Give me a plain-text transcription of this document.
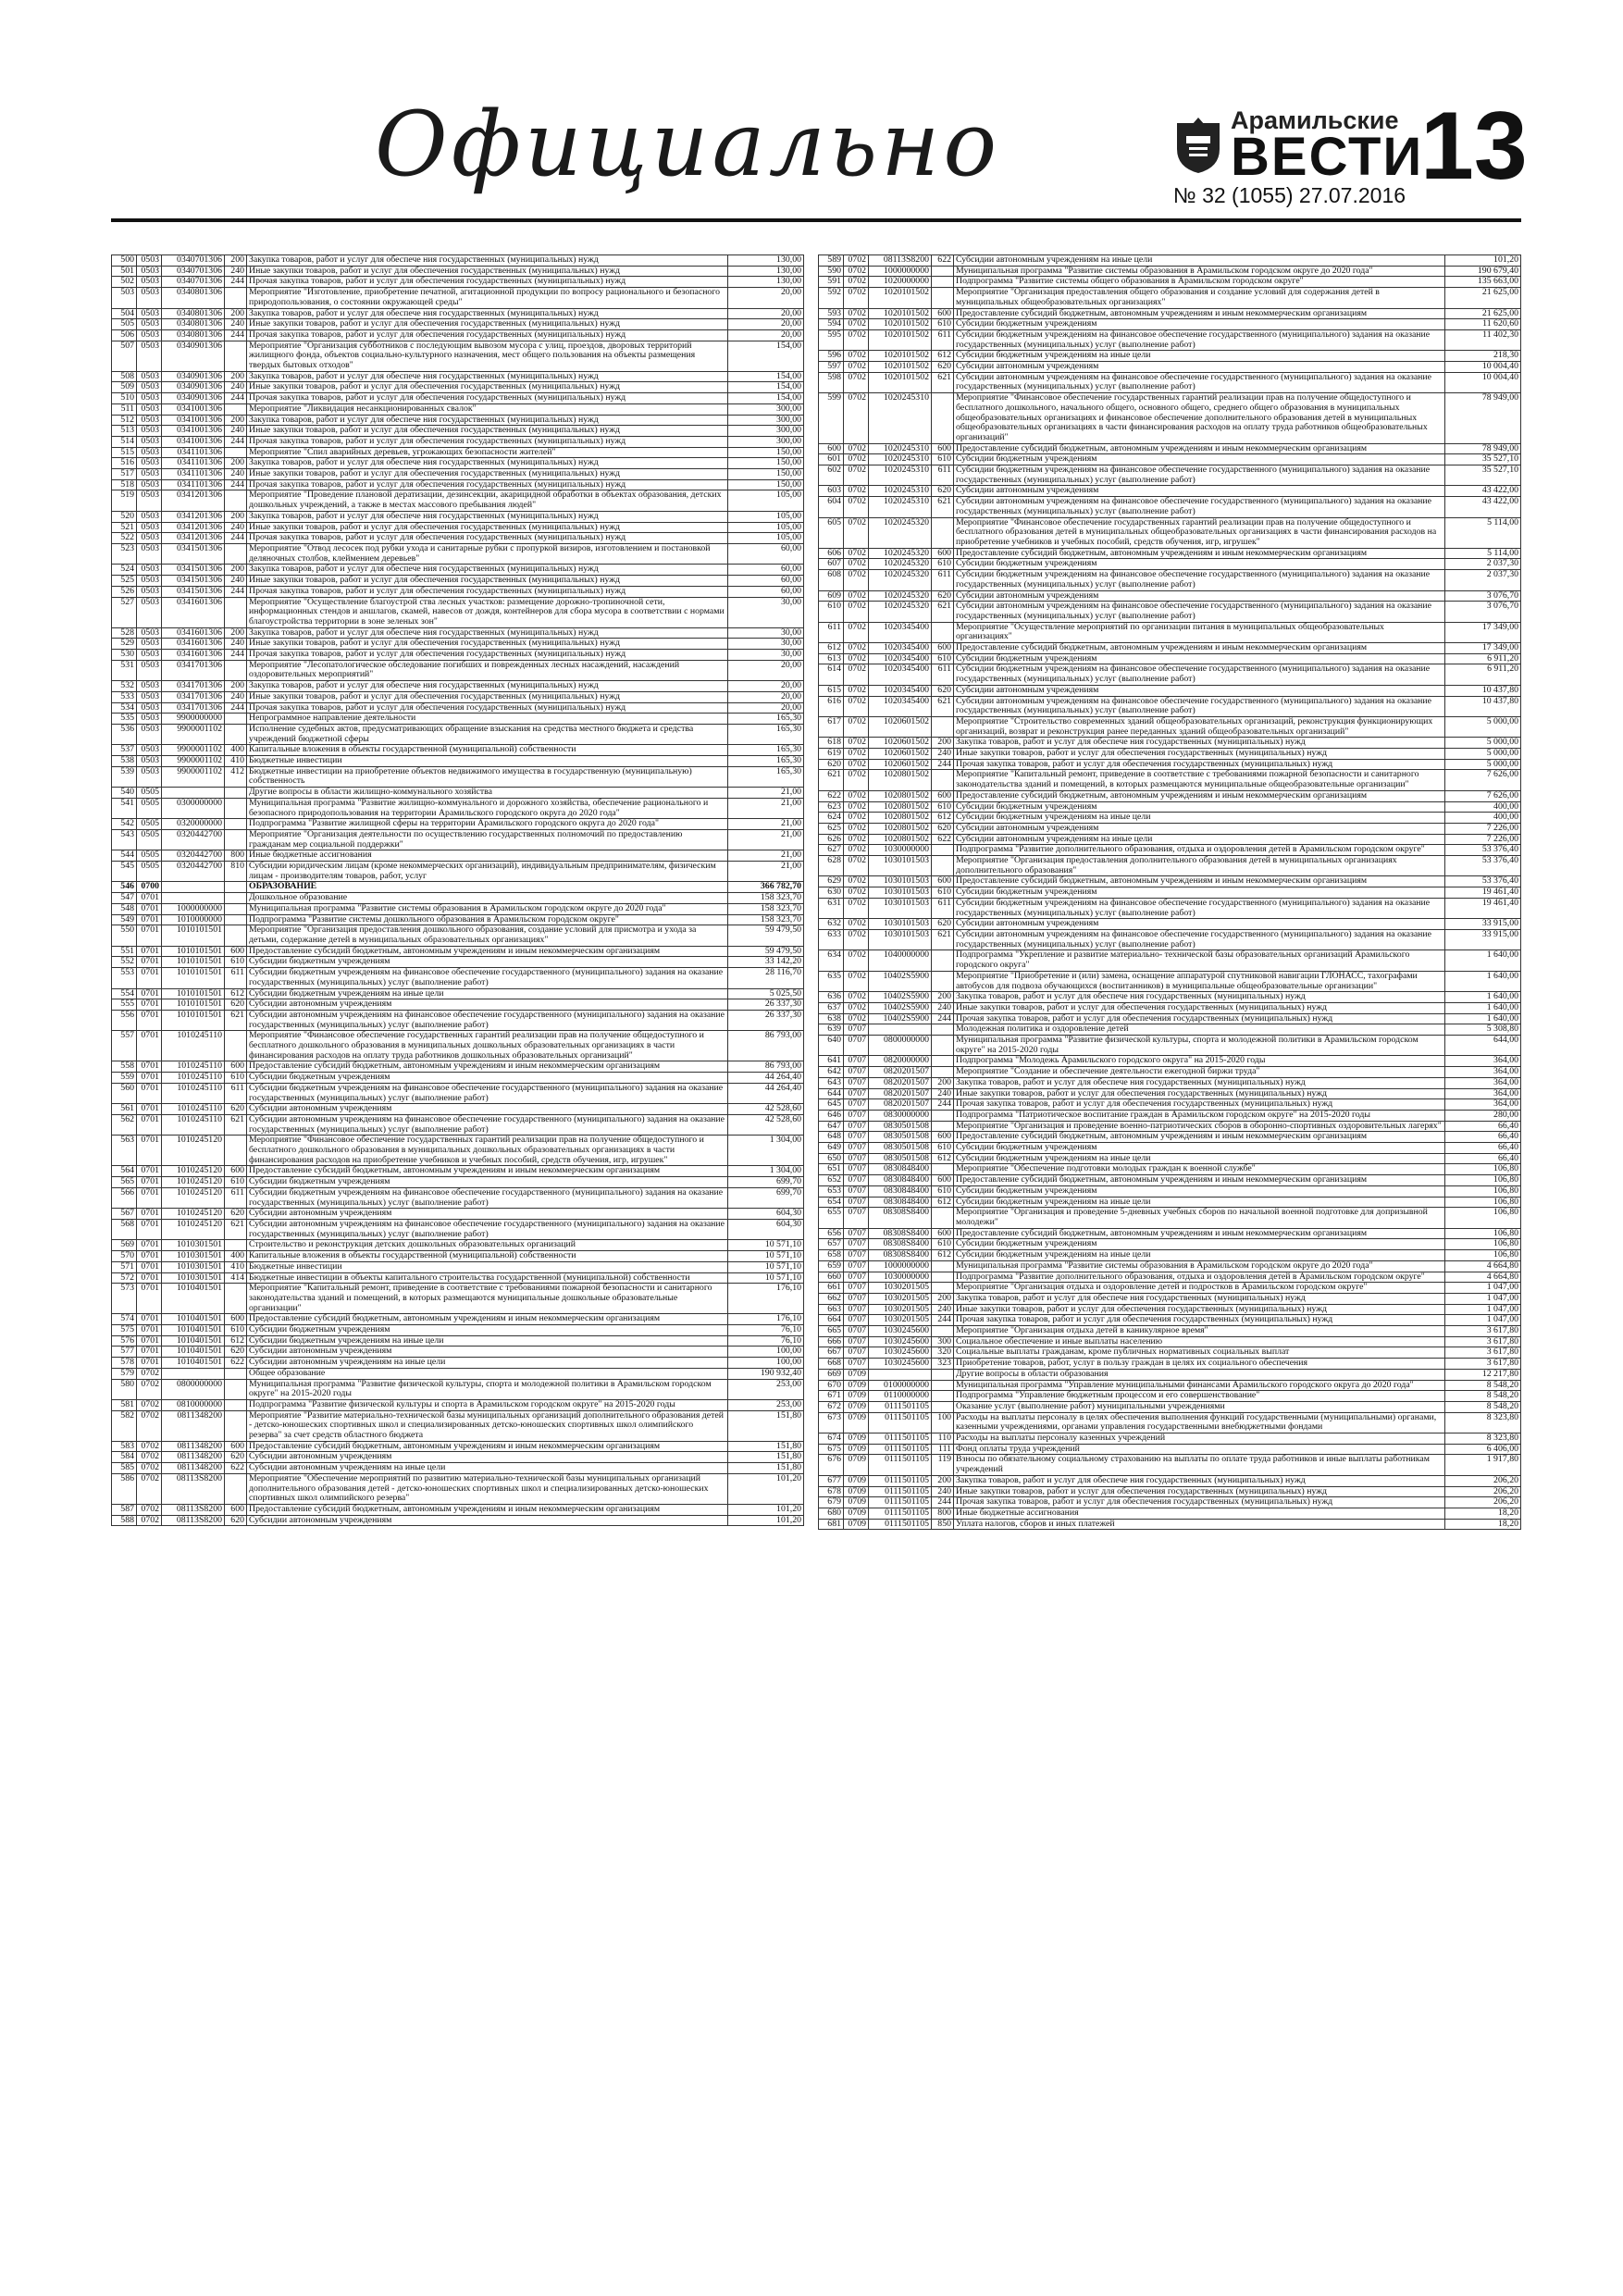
Официально	Арамильские
ВЕСТИ
№ 32 (1055) 27.07.2016 13
500	0503	0340701306	200	Закупка товаров, работ и услуг для обеспече ния государственных (муниципальных) нужд	130,00
501	0503	0340701306	240	Иные закупки товаров, работ и услуг для обеспечения государственных (муниципальных) нужд	130,00
502	0503	0340701306	244	Прочая закупка товаров, работ и услуг для обеспечения государственных (муниципальных) нужд	130,00
503	0503	0340801306		Мероприятие "Изготовление, приобретение печатной, агитационной продукции по вопросу рационального и безопасного природопользования, о состоянии окружающей среды"	20,00
504	0503	0340801306	200	Закупка товаров, работ и услуг для обеспече ния государственных (муниципальных) нужд	20,00
505	0503	0340801306	240	Иные закупки товаров, работ и услуг для обеспечения государственных (муниципальных) нужд	20,00
506	0503	0340801306	244	Прочая закупка товаров, работ и услуг для обеспечения государственных (муниципальных) нужд	20,00
507	0503	0340901306		Мероприятие "Организация субботников с последующим вывозом мусора с улиц, проездов, дворовых территорий жилищного фонда, объектов социально-культурного назначения, мест общего пользования на объекты размещения твердых бытовых отходов"	154,00
508	0503	0340901306	200	Закупка товаров, работ и услуг для обеспече ния государственных (муниципальных) нужд	154,00
509	0503	0340901306	240	Иные закупки товаров, работ и услуг для обеспечения государственных (муниципальных) нужд	154,00
510	0503	0340901306	244	Прочая закупка товаров, работ и услуг для обеспечения государственных (муниципальных) нужд	154,00
511	0503	0341001306		Мероприятие "Ликвидация несанкционированных свалок"	300,00
512	0503	0341001306	200	Закупка товаров, работ и услуг для обеспече ния государственных (муниципальных) нужд	300,00
513	0503	0341001306	240	Иные закупки товаров, работ и услуг для обеспечения государственных (муниципальных) нужд	300,00
514	0503	0341001306	244	Прочая закупка товаров, работ и услуг для обеспечения государственных (муниципальных) нужд	300,00
515	0503	0341101306		Мероприятие "Спил аварийных деревьев, угрожающих безопасности жителей"	150,00
516	0503	0341101306	200	Закупка товаров, работ и услуг для обеспече ния государственных (муниципальных) нужд	150,00
517	0503	0341101306	240	Иные закупки товаров, работ и услуг для обеспечения государственных (муниципальных) нужд	150,00
518	0503	0341101306	244	Прочая закупка товаров, работ и услуг для обеспечения государственных (муниципальных) нужд	150,00
519	0503	0341201306		Мероприятие "Проведение плановой дератизации, дезинсекции, акарицидной обработки в объектах образования, детских дошкольных учреждений, а также в местах массового пребывания людей"	105,00
520	0503	0341201306	200	Закупка товаров, работ и услуг для обеспече ния государственных (муниципальных) нужд	105,00
521	0503	0341201306	240	Иные закупки товаров, работ и услуг для обеспечения государственных (муниципальных) нужд	105,00
522	0503	0341201306	244	Прочая закупка товаров, работ и услуг для обеспечения государственных (муниципальных) нужд	105,00
523	0503	0341501306		Мероприятие "Отвод лесосек под рубки ухода и санитарные рубки с пропуркой визиров, изготовлением и постановкой деляночных столбов, клеймением деревьев"	60,00
524	0503	0341501306	200	Закупка товаров, работ и услуг для обеспече ния государственных (муниципальных) нужд	60,00
525	0503	0341501306	240	Иные закупки товаров, работ и услуг для обеспечения государственных (муниципальных) нужд	60,00
526	0503	0341501306	244	Прочая закупка товаров, работ и услуг для обеспечения государственных (муниципальных) нужд	60,00
527	0503	0341601306		Мероприятие "Осуществление благоустрой ства лесных участков: размещение дорожно-тропиночной сети, информационных стендов и аншлагов, скамей, навесов от дождя, контейнеров для сбора мусора в соответствии с нормами благоустройства территории в зоне зеленых зон"	30,00
528	0503	0341601306	200	Закупка товаров, работ и услуг для обеспече ния государственных (муниципальных) нужд	30,00
529	0503	0341601306	240	Иные закупки товаров, работ и услуг для обеспечения государственных (муниципальных) нужд	30,00
530	0503	0341601306	244	Прочая закупка товаров, работ и услуг для обеспечения государственных (муниципальных) нужд	30,00
531	0503	0341701306		Мероприятие "Лесопатологическое обследование погибших и поврежденных лесных насаждений, насаждений оздоровительных мероприятий"	20,00
532	0503	0341701306	200	Закупка товаров, работ и услуг для обеспече ния государственных (муниципальных) нужд	20,00
533	0503	0341701306	240	Иные закупки товаров, работ и услуг для обеспечения государственных (муниципальных) нужд	20,00
534	0503	0341701306	244	Прочая закупка товаров, работ и услуг для обеспечения государственных (муниципальных) нужд	20,00
535	0503	9900000000		Непрограммное направление деятельности	165,30
536	0503	9900001102		Исполнение судебных актов, предусматривающих обращение взыскания на средства местного бюджета и средства учреждений бюджетной сферы	165,30
537	0503	9900001102	400	Капитальные вложения в объекты государственной (муниципальной) собственности	165,30
538	0503	9900001102	410	Бюджетные инвестиции	165,30
539	0503	9900001102	412	Бюджетные инвестиции на приобретение объектов недвижимого имущества в государственную (муниципальную) собственность	165,30
540	0505			Другие вопросы в области жилищно-коммунального хозяйства	21,00
541	0505	0300000000		Муниципальная программа "Развитие жилищно-коммунального и дорожного хозяйства, обеспечение рационального и безопасного природопользования на территории Арамильского городского округа до 2020 года"	21,00
542	0505	0320000000		Подпрограмма "Развитие жилищной сферы на территории Арамильского городского округа до 2020 года"	21,00
543	0505	0320442700		Мероприятие "Организация деятельности по осуществлению государственных полномочий по предоставлению гражданам мер социальной поддержки"	21,00
544	0505	0320442700	800	Иные бюджетные ассигнования	21,00
545	0505	0320442700	810	Субсидии юридическим лицам (кроме некоммерческих организаций), индивидуальным предпринимателям, физическим лицам - производителям товаров, работ, услуг	21,00
546	0700			ОБРАЗОВАНИЕ	366 782,70
547	0701			Дошкольное образование	158 323,70
548	0701	1000000000		Муниципальная программа "Развитие системы образования в Арамильском городском округе до 2020 года"	158 323,70
549	0701	1010000000		Подпрограмма "Развитие системы дошкольного образования в Арамильском городском округе"	158 323,70
550	0701	1010101501		Мероприятие "Организация предоставления дошкольного образования, создание условий для присмотра и ухода за детьми, содержание детей в муниципальных образовательных организациях"	59 479,50
551	0701	1010101501	600	Предоставление субсидий бюджетным, автономным учреждениям и иным некоммерческим организациям	59 479,50
552	0701	1010101501	610	Субсидии бюджетным учреждениям	33 142,20
553	0701	1010101501	611	Субсидии бюджетным учреждениям на финансовое обеспечение государственного (муниципального) задания на оказание государственных (муниципальных) услуг (выполнение работ)	28 116,70
554	0701	1010101501	612	Субсидии бюджетным учреждениям на иные цели	5 025,50
555	0701	1010101501	620	Субсидии автономным учреждениям	26 337,30
556	0701	1010101501	621	Субсидии автономным учреждениям на финансовое обеспечение государственного (муниципального) задания на оказание государственных (муниципальных) услуг (выполнение работ)	26 337,30
557	0701	1010245110		Мероприятие "Финансовое обеспечение государственных гарантий реализации прав на получение общедоступного и бесплатного дошкольного образования в муниципальных дошкольных образовательных организациях в части финансирования расходов на оплату труда работников дошкольных образовательных организаций"	86 793,00
558	0701	1010245110	600	Предоставление субсидий бюджетным, автономным учреждениям и иным некоммерческим организациям	86 793,00
559	0701	1010245110	610	Субсидии бюджетным учреждениям	44 264,40
560	0701	1010245110	611	Субсидии бюджетным учреждениям на финансовое обеспечение государственного (муниципального) задания на оказание государственных (муниципальных) услуг (выполнение работ)	44 264,40
561	0701	1010245110	620	Субсидии автономным учреждениям	42 528,60
562	0701	1010245110	621	Субсидии автономным учреждениям на финансовое обеспечение государственного (муниципального) задания на оказание государственных (муниципальных) услуг (выполнение работ)	42 528,60
563	0701	1010245120		Мероприятие "Финансовое обеспечение государственных гарантий реализации прав на получение общедоступного и бесплатного дошкольного образования в муниципальных дошкольных образовательных организациях в части финансирования расходов на приобретение учебников и учебных пособий, средств обучения, игр, игрушек"	1 304,00
564	0701	1010245120	600	Предоставление субсидий бюджетным, автономным учреждениям и иным некоммерческим организациям	1 304,00
565	0701	1010245120	610	Субсидии бюджетным учреждениям	699,70
566	0701	1010245120	611	Субсидии бюджетным учреждениям на финансовое обеспечение государственного (муниципального) задания на оказание государственных (муниципальных) услуг (выполнение работ)	699,70
567	0701	1010245120	620	Субсидии автономным учреждениям	604,30
568	0701	1010245120	621	Субсидии автономным учреждениям на финансовое обеспечение государственного (муниципального) задания на оказание государственных (муниципальных) услуг (выполнение работ)	604,30
569	0701	1010301501		Строительство и реконструкция детских дошкольных образовательных организаций	10 571,10
570	0701	1010301501	400	Капитальные вложения в объекты государственной (муниципальной) собственности	10 571,10
571	0701	1010301501	410	Бюджетные инвестиции	10 571,10
572	0701	1010301501	414	Бюджетные инвестиции в объекты капитального строительства государственной (муниципальной) собственности	10 571,10
573	0701	1010401501		Мероприятие "Капитальный ремонт, приведение в соответствие с требованиями пожарной безопасности и санитарного законодательства зданий и помещений, в которых размещаются муниципальные дошкольные образовательные организации"	176,10
574	0701	1010401501	600	Предоставление субсидий бюджетным, автономным учреждениям и иным некоммерческим организациям	176,10
575	0701	1010401501	610	Субсидии бюджетным учреждениям	76,10
576	0701	1010401501	612	Субсидии бюджетным учреждениям на иные цели	76,10
577	0701	1010401501	620	Субсидии автономным учреждениям	100,00
578	0701	1010401501	622	Субсидии автономным учреждениям на иные цели	100,00
579	0702			Общее образование	190 932,40
580	0702	0800000000		Муниципальная программа "Развитие физической культуры, спорта и молодежной политики в Арамильском городском округе" на 2015-2020 годы	253,00
581	0702	0810000000		Подпрограмма "Развитие физической культуры и спорта в Арамильском городском округе" на 2015-2020 годы	253,00
582	0702	0811348200		Мероприятие "Развитие материально-технической базы муниципальных организаций дополнительного образования детей - детско-юношеских спортивных школ и специализированных детско-юношеских спортивных школ олимпийского резерва" за счет средств областного бюджета	151,80
583	0702	0811348200	600	Предоставление субсидий бюджетным, автономным учреждениям и иным некоммерческим организациям	151,80
584	0702	0811348200	620	Субсидии автономным учреждениям	151,80
585	0702	0811348200	622	Субсидии автономным учреждениям на иные цели	151,80
586	0702	08113S8200		Мероприятие "Обеспечение мероприятий по развитию материально-технической базы муниципальных организаций дополнительного образования детей - детско-юношеских спортивных школ и специализированных детско-юношеских спортивных школ олимпийского резерва"	101,20
587	0702	08113S8200	600	Предоставление субсидий бюджетным, автономным учреждениям и иным некоммерческим организациям	101,20
588	0702	08113S8200	620	Субсидии автономным учреждениям	101,20
589	0702	08113S8200	622	Субсидии автономным учреждениям на иные цели	101,20
590	0702	1000000000		Муниципальная программа "Развитие системы образования в Арамильском городском округе до 2020 года"	190 679,40
591	0702	1020000000		Подпрограмма "Развитие системы общего образования в Арамильском городском округе"	135 663,00
592	0702	1020101502		Мероприятие "Организация предоставления общего образования и создание условий для содержания детей в муниципальных общеобразовательных организациях"	21 625,00
593	0702	1020101502	600	Предоставление субсидий бюджетным, автономным учреждениям и иным некоммерческим организациям	21 625,00
594	0702	1020101502	610	Субсидии бюджетным учреждениям	11 620,60
595	0702	1020101502	611	Субсидии бюджетным учреждениям на финансовое обеспечение государственного (муниципального) задания на оказание государственных (муниципальных) услуг (выполнение работ)	11 402,30
596	0702	1020101502	612	Субсидии бюджетным учреждениям на иные цели	218,30
597	0702	1020101502	620	Субсидии автономным учреждениям	10 004,40
598	0702	1020101502	621	Субсидии автономным учреждениям на финансовое обеспечение государственного (муниципального) задания на оказание государственных (муниципальных) услуг (выполнение работ)	10 004,40
599	0702	1020245310		Мероприятие "Финансовое обеспечение государственных гарантий реализации прав на получение общедоступного и бесплатного дошкольного, начального общего, основного общего, среднего общего образования в муниципальных общеобразовательных организациях и финансовое обеспечение дополнительного образования детей в муниципальных общеобразовательных организациях в части финансирования расходов на оплату труда работников общеобразовательных организаций"	78 949,00
600	0702	1020245310	600	Предоставление субсидий бюджетным, автономным учреждениям и иным некоммерческим организациям	78 949,00
601	0702	1020245310	610	Субсидии бюджетным учреждениям	35 527,10
602	0702	1020245310	611	Субсидии бюджетным учреждениям на финансовое обеспечение государственного (муниципального) задания на оказание государственных (муниципальных) услуг (выполнение работ)	35 527,10
603	0702	1020245310	620	Субсидии автономным учреждениям	43 422,00
604	0702	1020245310	621	Субсидии автономным учреждениям на финансовое обеспечение государственного (муниципального) задания на оказание государственных (муниципальных) услуг (выполнение работ)	43 422,00
605	0702	1020245320		Мероприятие "Финансовое обеспечение государственных гарантий реализации прав на получение общедоступного и бесплатного образования детей в муниципальных общеобразовательных организациях в части финансирования расходов на приобретение учебников и учебных пособий, средств обучения, игр, игрушек"	5 114,00
606	0702	1020245320	600	Предоставление субсидий бюджетным, автономным учреждениям и иным некоммерческим организациям	5 114,00
607	0702	1020245320	610	Субсидии бюджетным учреждениям	2 037,30
608	0702	1020245320	611	Субсидии бюджетным учреждениям на финансовое обеспечение государственного (муниципального) задания на оказание государственных (муниципальных) услуг (выполнение работ)	2 037,30
609	0702	1020245320	620	Субсидии автономным учреждениям	3 076,70
610	0702	1020245320	621	Субсидии автономным учреждениям на финансовое обеспечение государственного (муниципального) задания на оказание государственных (муниципальных) услуг (выполнение работ)	3 076,70
611	0702	1020345400		Мероприятие "Осуществление мероприятий по организации питания в муниципальных общеобразовательных организациях"	17 349,00
612	0702	1020345400	600	Предоставление субсидий бюджетным, автономным учреждениям и иным некоммерческим организациям	17 349,00
613	0702	1020345400	610	Субсидии бюджетным учреждениям	6 911,20
614	0702	1020345400	611	Субсидии бюджетным учреждениям на финансовое обеспечение государственного (муниципального) задания на оказание государственных (муниципальных) услуг (выполнение работ)	6 911,20
615	0702	1020345400	620	Субсидии автономным учреждениям	10 437,80
616	0702	1020345400	621	Субсидии автономным учреждениям на финансовое обеспечение государственного (муниципального) задания на оказание государственных (муниципальных) услуг (выполнение работ)	10 437,80
617	0702	1020601502		Мероприятие "Строительство современных зданий общеобразовательных организаций, реконструкция функционирующих организаций, возврат и реконструкция ранее переданных зданий общеобразовательных организаций"	5 000,00
618	0702	1020601502	200	Закупка товаров, работ и услуг для обеспече ния государственных (муниципальных) нужд	5 000,00
619	0702	1020601502	240	Иные закупки товаров, работ и услуг для обеспечения государственных (муниципальных) нужд	5 000,00
620	0702	1020601502	244	Прочая закупка товаров, работ и услуг для обеспечения государственных (муниципальных) нужд	5 000,00
621	0702	1020801502		Мероприятие "Капитальный ремонт, приведение в соответствие с требованиями пожарной безопасности и санитарного законодательства зданий и помещений, в которых размещаются муниципальные общеобразовательные организации"	7 626,00
622	0702	1020801502	600	Предоставление субсидий бюджетным, автономным учреждениям и иным некоммерческим организациям	7 626,00
623	0702	1020801502	610	Субсидии бюджетным учреждениям	400,00
624	0702	1020801502	612	Субсидии бюджетным учреждениям на иные цели	400,00
625	0702	1020801502	620	Субсидии автономным учреждениям	7 226,00
626	0702	1020801502	622	Субсидии автономным учреждениям на иные цели	7 226,00
627	0702	1030000000		Подпрограмма "Развитие дополнительного образования, отдыха и оздоровления детей в Арамильском городском округе"	53 376,40
628	0702	1030101503		Мероприятие "Организация предоставления дополнительного образования детей в муниципальных организациях дополнительного образования"	53 376,40
629	0702	1030101503	600	Предоставление субсидий бюджетным, автономным учреждениям и иным некоммерческим организациям	53 376,40
630	0702	1030101503	610	Субсидии бюджетным учреждениям	19 461,40
631	0702	1030101503	611	Субсидии бюджетным учреждениям на финансовое обеспечение государственного (муниципального) задания на оказание государственных (муниципальных) услуг (выполнение работ)	19 461,40
632	0702	1030101503	620	Субсидии автономным учреждениям	33 915,00
633	0702	1030101503	621	Субсидии автономным учреждениям на финансовое обеспечение государственного (муниципального) задания на оказание государственных (муниципальных) услуг (выполнение работ)	33 915,00
634	0702	1040000000		Подпрограмма "Укрепление и развитие материально- технической базы образовательных организаций Арамильского городского округа"	1 640,00
635	0702	10402S5900		Мероприятие "Приобретение и (или) замена, оснащение аппаратурой спутниковой навигации ГЛОНАСС, тахографами автобусов для подвоза обучающихся (воспитанников) в муниципальные общеобразовательные организации"	1 640,00
636	0702	10402S5900	200	Закупка товаров, работ и услуг для обеспече ния государственных (муниципальных) нужд	1 640,00
637	0702	10402S5900	240	Иные закупки товаров, работ и услуг для обеспечения государственных (муниципальных) нужд	1 640,00
638	0702	10402S5900	244	Прочая закупка товаров, работ и услуг для обеспечения государственных (муниципальных) нужд	1 640,00
639	0707			Молодежная политика и оздоровление детей	5 308,80
640	0707	0800000000		Муниципальная программа "Развитие физической культуры, спорта и молодежной политики в Арамильском городском округе" на 2015-2020 годы	644,00
641	0707	0820000000		Подпрограмма "Молодежь Арамильского городского округа" на 2015-2020 годы	364,00
642	0707	0820201507		Мероприятие "Создание и обеспечение деятельности ежегодной биржи труда"	364,00
643	0707	0820201507	200	Закупка товаров, работ и услуг для обеспече ния государственных (муниципальных) нужд	364,00
644	0707	0820201507	240	Иные закупки товаров, работ и услуг для обеспечения государственных (муниципальных) нужд	364,00
645	0707	0820201507	244	Прочая закупка товаров, работ и услуг для обеспечения государственных (муниципальных) нужд	364,00
646	0707	0830000000		Подпрограмма "Патриотическое воспитание граждан в Арамильском городском округе" на 2015-2020 годы	280,00
647	0707	0830501508		Мероприятие "Организация и проведение военно-патриотических сборов в оборонно-спортивных оздоровительных лагерях"	66,40
648	0707	0830501508	600	Предоставление субсидий бюджетным, автономным учреждениям и иным некоммерческим организациям	66,40
649	0707	0830501508	610	Субсидии бюджетным учреждениям	66,40
650	0707	0830501508	612	Субсидии бюджетным учреждениям на иные цели	66,40
651	0707	0830848400		Мероприятие "Обеспечение подготовки молодых граждан к военной службе"	106,80
652	0707	0830848400	600	Предоставление субсидий бюджетным, автономным учреждениям и иным некоммерческим организациям	106,80
653	0707	0830848400	610	Субсидии бюджетным учреждениям	106,80
654	0707	0830848400	612	Субсидии бюджетным учреждениям на иные цели	106,80
655	0707	08308S8400		Мероприятие "Организация и проведение 5-дневных учебных сборов по начальной военной подготовке для допризывной молодежи"	106,80
656	0707	08308S8400	600	Предоставление субсидий бюджетным, автономным учреждениям и иным некоммерческим организациям	106,80
657	0707	08308S8400	610	Субсидии бюджетным учреждениям	106,80
658	0707	08308S8400	612	Субсидии бюджетным учреждениям на иные цели	106,80
659	0707	1000000000		Муниципальная программа "Развитие системы образования в Арамильском городском округе до 2020 года"	4 664,80
660	0707	1030000000		Подпрограмма "Развитие дополнительного образования, отдыха и оздоровления детей в Арамильском городском округе"	4 664,80
661	0707	1030201505		Мероприятие "Организация отдыха и оздоровление детей и подростков в Арамильском городском округе"	1 047,00
662	0707	1030201505	200	Закупка товаров, работ и услуг для обеспече ния государственных (муниципальных) нужд	1 047,00
663	0707	1030201505	240	Иные закупки товаров, работ и услуг для обеспечения государственных (муниципальных) нужд	1 047,00
664	0707	1030201505	244	Прочая закупка товаров, работ и услуг для обеспечения государственных (муниципальных) нужд	1 047,00
665	0707	1030245600		Мероприятие "Организация отдыха детей в каникулярное время"	3 617,80
666	0707	1030245600	300	Социальное обеспечение и иные выплаты населению	3 617,80
667	0707	1030245600	320	Социальные выплаты гражданам, кроме публичных нормативных социальных выплат	3 617,80
668	0707	1030245600	323	Приобретение товаров, работ, услуг в пользу граждан в целях их социального обеспечения	3 617,80
669	0709			Другие вопросы в области образования	12 217,80
670	0709	0100000000		Муниципальная программа "Управление муниципальными финансами Арамильского городского округа до 2020 года"	8 548,20
671	0709	0110000000		Подпрограмма "Управление бюджетным процессом и его совершенствование"	8 548,20
672	0709	0111501105		Оказание услуг (выполнение работ) муниципальными учреждениями	8 548,20
673	0709	0111501105	100	Расходы на выплаты персоналу в целях обеспечения выполнения функций государственными (муниципальными) органами, казенными учреждениями, органами управления государственными внебюджетными фондами	8 323,80
674	0709	0111501105	110	Расходы на выплаты персоналу казенных учреждений	8 323,80
675	0709	0111501105	111	Фонд оплаты труда учреждений	6 406,00
676	0709	0111501105	119	Взносы по обязательному социальному страхованию на выплаты по оплате труда работников и иные выплаты работникам учреждений	1 917,80
677	0709	0111501105	200	Закупка товаров, работ и услуг для обеспече ния государственных (муниципальных) нужд	206,20
678	0709	0111501105	240	Иные закупки товаров, работ и услуг для обеспечения государственных (муниципальных) нужд	206,20
679	0709	0111501105	244	Прочая закупка товаров, работ и услуг для обеспечения государственных (муниципальных) нужд	206,20
680	0709	0111501105	800	Иные бюджетные ассигнования	18,20
681	0709	0111501105	850	Уплата налогов, сборов и иных платежей	18,20
